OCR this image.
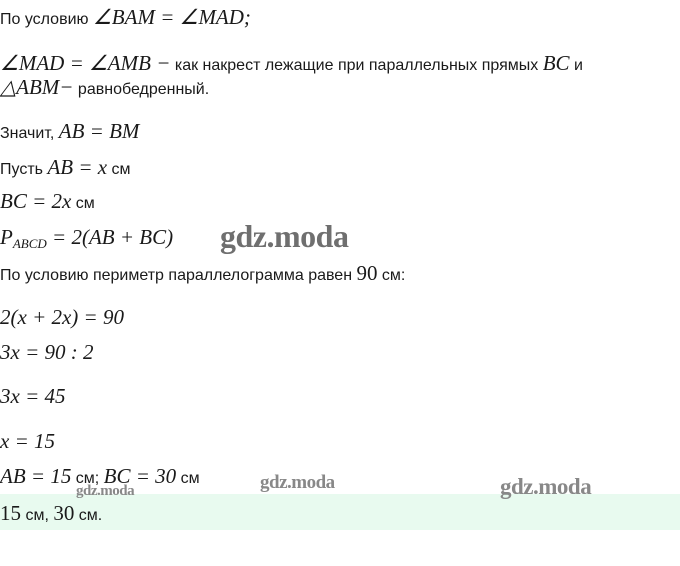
По условию ∠BAM = ∠MAD;
∠MAD = ∠AMB − как накрест лежащие при параллельных прямых BC и
△ABM− равнобедренный.
Значит, AB = BM
Пусть AB = x см
BC = 2x см
$P_{ABCD} = 2(AB + BC)$
По условию периметр параллелограмма равен 90 см:
2(x + 2x) = 90
3x = 90 : 2
3x = 45
x = 15
AB = 15 см; BC = 30 см
15 см, 30 см.
gdz.moda
gdz.moda	gdz.moda	gdz.moda
